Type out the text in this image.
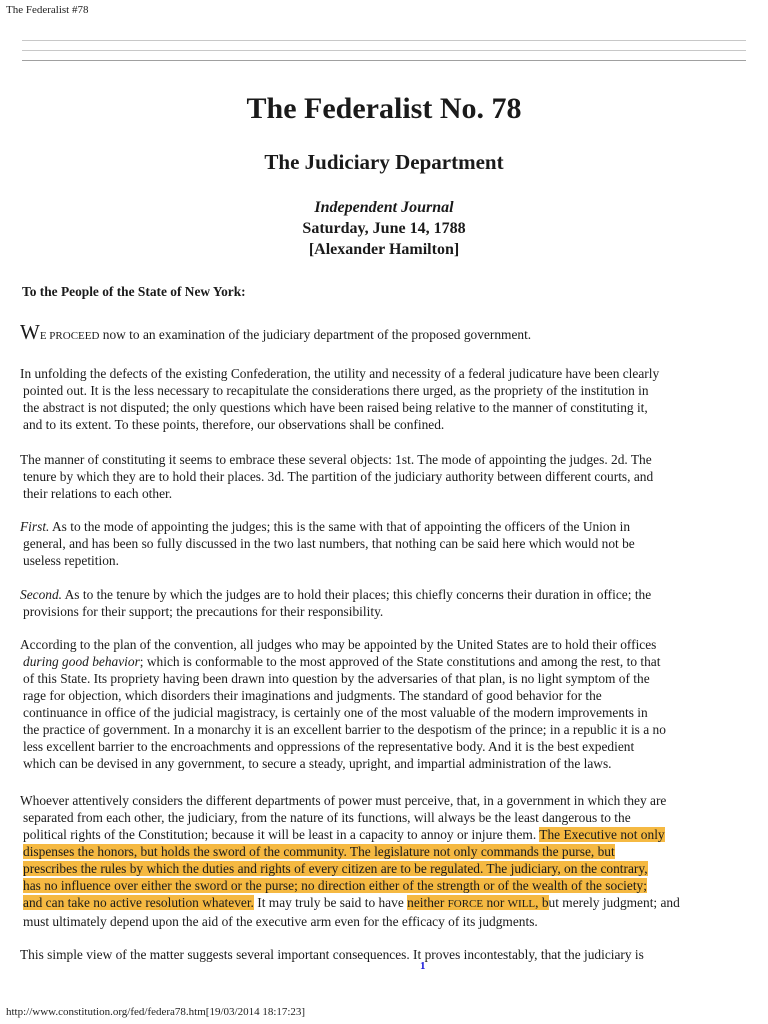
The Federalist #78
The Federalist No. 78
The Judiciary Department
Independent Journal
Saturday, June 14, 1788
[Alexander Hamilton]
To the People of the State of New York:
WE PROCEED now to an examination of the judiciary department of the proposed government.
In unfolding the defects of the existing Confederation, the utility and necessity of a federal judicature have been clearly
pointed out. It is the less necessary to recapitulate the considerations there urged, as the propriety of the institution in
the abstract is not disputed; the only questions which have been raised being relative to the manner of constituting it,
and to its extent. To these points, therefore, our observations shall be confined.
The manner of constituting it seems to embrace these several objects: 1st. The mode of appointing the judges. 2d. The
tenure by which they are to hold their places. 3d. The partition of the judiciary authority between different courts, and
their relations to each other.
First. As to the mode of appointing the judges; this is the same with that of appointing the officers of the Union in
general, and has been so fully discussed in the two last numbers, that nothing can be said here which would not be
useless repetition.
Second. As to the tenure by which the judges are to hold their places; this chiefly concerns their duration in office; the
provisions for their support; the precautions for their responsibility.
According to the plan of the convention, all judges who may be appointed by the United States are to hold their offices
during good behavior; which is conformable to the most approved of the State constitutions and among the rest, to that
of this State. Its propriety having been drawn into question by the adversaries of that plan, is no light symptom of the
rage for objection, which disorders their imaginations and judgments. The standard of good behavior for the
continuance in office of the judicial magistracy, is certainly one of the most valuable of the modern improvements in
the practice of government. In a monarchy it is an excellent barrier to the despotism of the prince; in a republic it is a no
less excellent barrier to the encroachments and oppressions of the representative body. And it is the best expedient
which can be devised in any government, to secure a steady, upright, and impartial administration of the laws.
Whoever attentively considers the different departments of power must perceive, that, in a government in which they are
separated from each other, the judiciary, from the nature of its functions, will always be the least dangerous to the
political rights of the Constitution; because it will be least in a capacity to annoy or injure them. The Executive not only
dispenses the honors, but holds the sword of the community. The legislature not only commands the purse, but
prescribes the rules by which the duties and rights of every citizen are to be regulated. The judiciary, on the contrary,
has no influence over either the sword or the purse; no direction either of the strength or of the wealth of the society;
and can take no active resolution whatever. It may truly be said to have neither FORCE nor WILL, but merely judgment; and
must ultimately depend upon the aid of the executive arm even for the efficacy of its judgments.
This simple view of the matter suggests several important consequences. It proves incontestably, that the judiciary is
1
http://www.constitution.org/fed/federa78.htm[19/03/2014 18:17:23]
